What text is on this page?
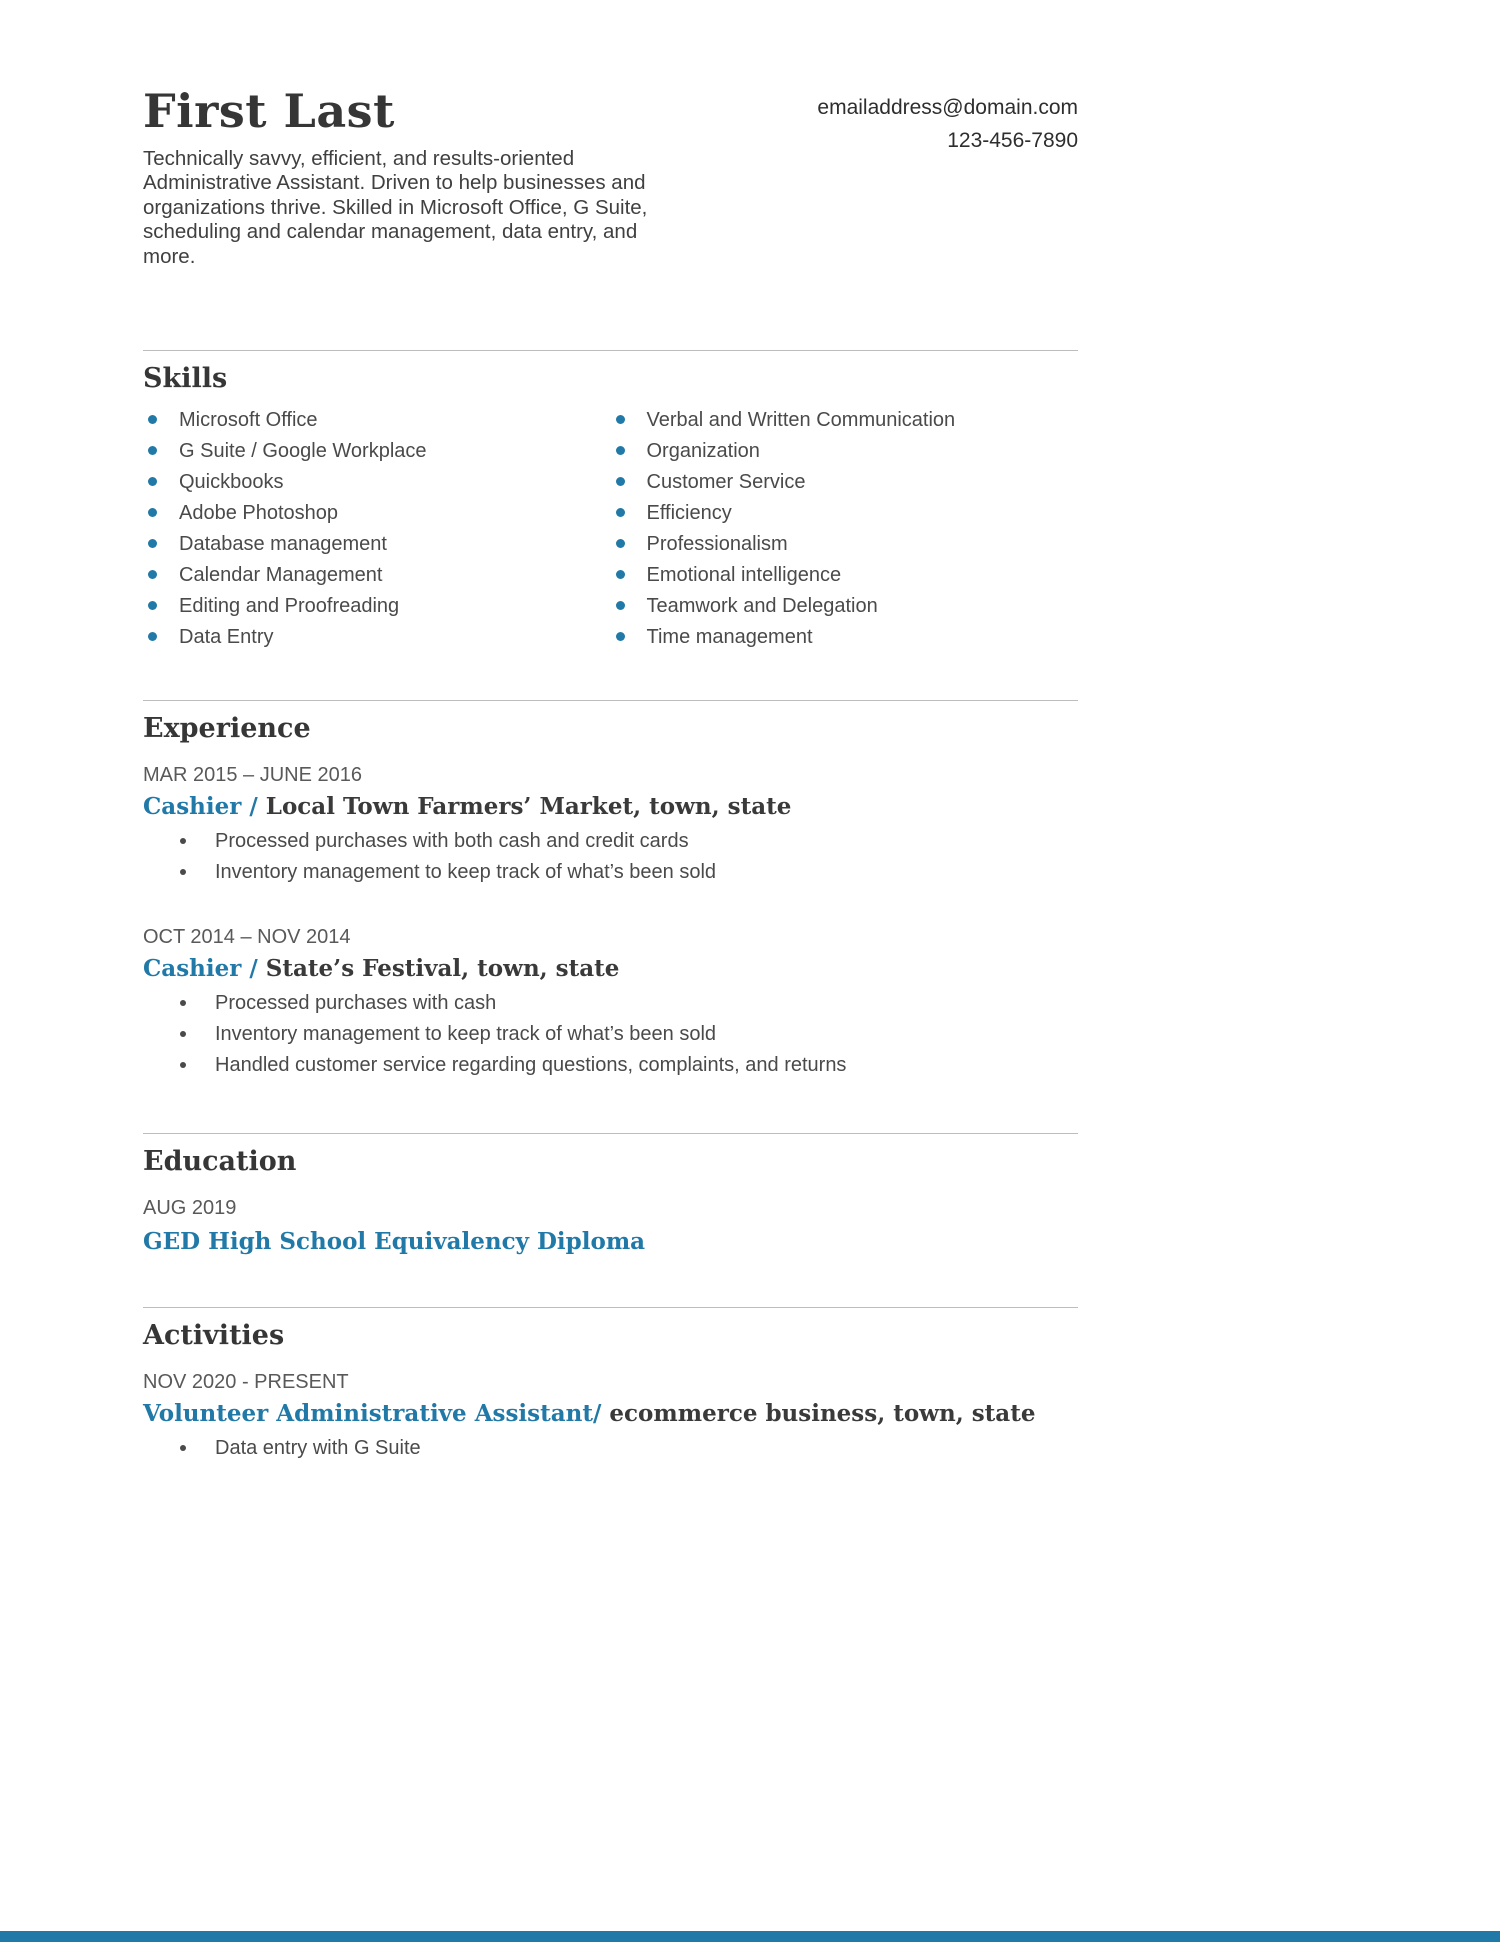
First Last
Technically savvy, efficient, and results-oriented Administrative Assistant. Driven to help businesses and organizations thrive. Skilled in Microsoft Office, G Suite, scheduling and calendar management, data entry, and more.
emailaddress@domain.com
123-456-7890
Skills
Microsoft Office
G Suite / Google Workplace
Quickbooks
Adobe Photoshop
Database management
Calendar Management
Editing and Proofreading
Data Entry
Verbal and Written Communication
Organization
Customer Service
Efficiency
Professionalism
Emotional intelligence
Teamwork and Delegation
Time management
Experience
MAR 2015 – JUNE 2016
Cashier / Local Town Farmers’ Market, town, state
Processed purchases with both cash and credit cards
Inventory management to keep track of what’s been sold
OCT 2014 – NOV 2014
Cashier / State’s Festival, town, state
Processed purchases with cash
Inventory management to keep track of what’s been sold
Handled customer service regarding questions, complaints, and returns
Education
AUG 2019
GED High School Equivalency Diploma
Activities
NOV 2020 - PRESENT
Volunteer Administrative Assistant/ ecommerce business, town, state
Data entry with G Suite
